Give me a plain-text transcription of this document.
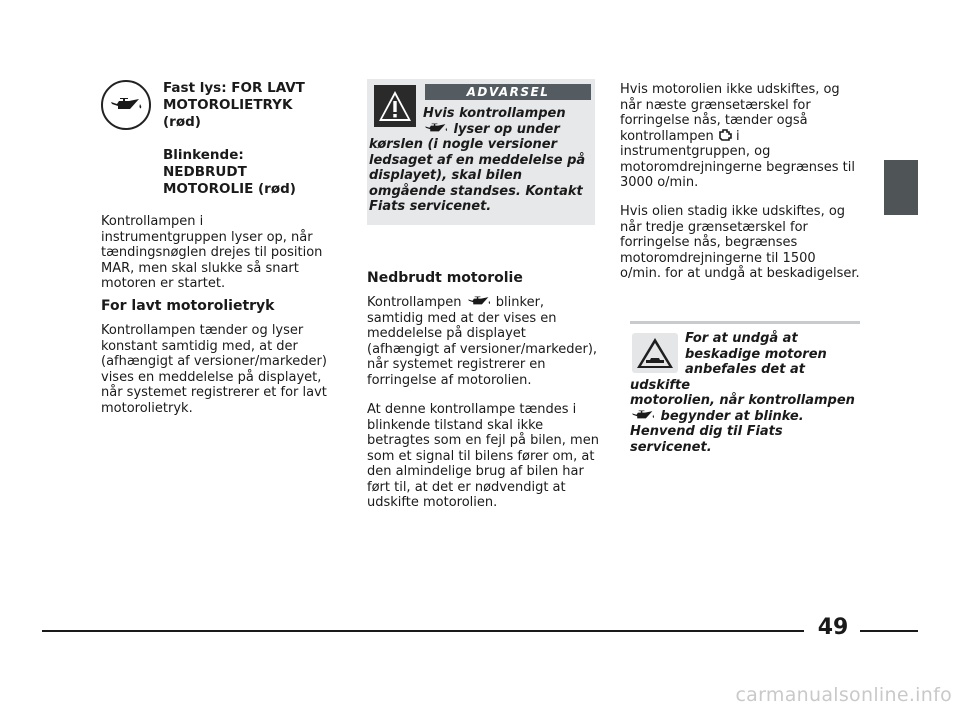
Fast lys: FOR LAVT
MOTOROLIETRYK
(rød)
Blinkende:
NEDBRUDT
MOTOROLIE (rød)
Kontrollampen i instrumentgruppen lyser op, når tændingsnøglen drejes til position MAR, men skal slukke så snart motoren er startet.
For lavt motorolietryk
Kontrollampen tænder og lyser konstant samtidig med, at der (afhængigt af versioner/markeder) vises en meddelelse på displayet, når systemet registrerer et for lavt motorolietryk.
ADVARSEL
Hvis kontrollampen
lyser op under
kørslen (i nogle versioner ledsaget af en meddelelse på displayet), skal bilen omgående standses. Kontakt Fiats servicenet.
Nedbrudt motorolie
Kontrollampen  blinker, samtidig med at der vises en meddelelse på displayet (afhængigt af versioner/markeder), når systemet registrerer en forringelse af motorolien.
At denne kontrollampe tændes i blinkende tilstand skal ikke betragtes som en fejl på bilen, men som et signal til bilens fører om, at den almindelige brug af bilen har ført til, at det er nødvendigt at udskifte motorolien.
Hvis motorolien ikke udskiftes, og når næste grænsetærskel for forringelse nås, tænder også kontrollampen  i instrumentgruppen, og motoromdrejningerne begrænses til 3000 o/min.
Hvis olien stadig ikke udskiftes, og når tredje grænsetærskel for forringelse nås, begrænses motoromdrejningerne til 1500 o/min. for at undgå at beskadigelser.
For at undgå at
beskadige motoren
anbefales det at udskifte
motorolien, når kontrollampen
begynder at blinke.
Henvend dig til Fiats servicenet.
49
carmanualsonline.info
